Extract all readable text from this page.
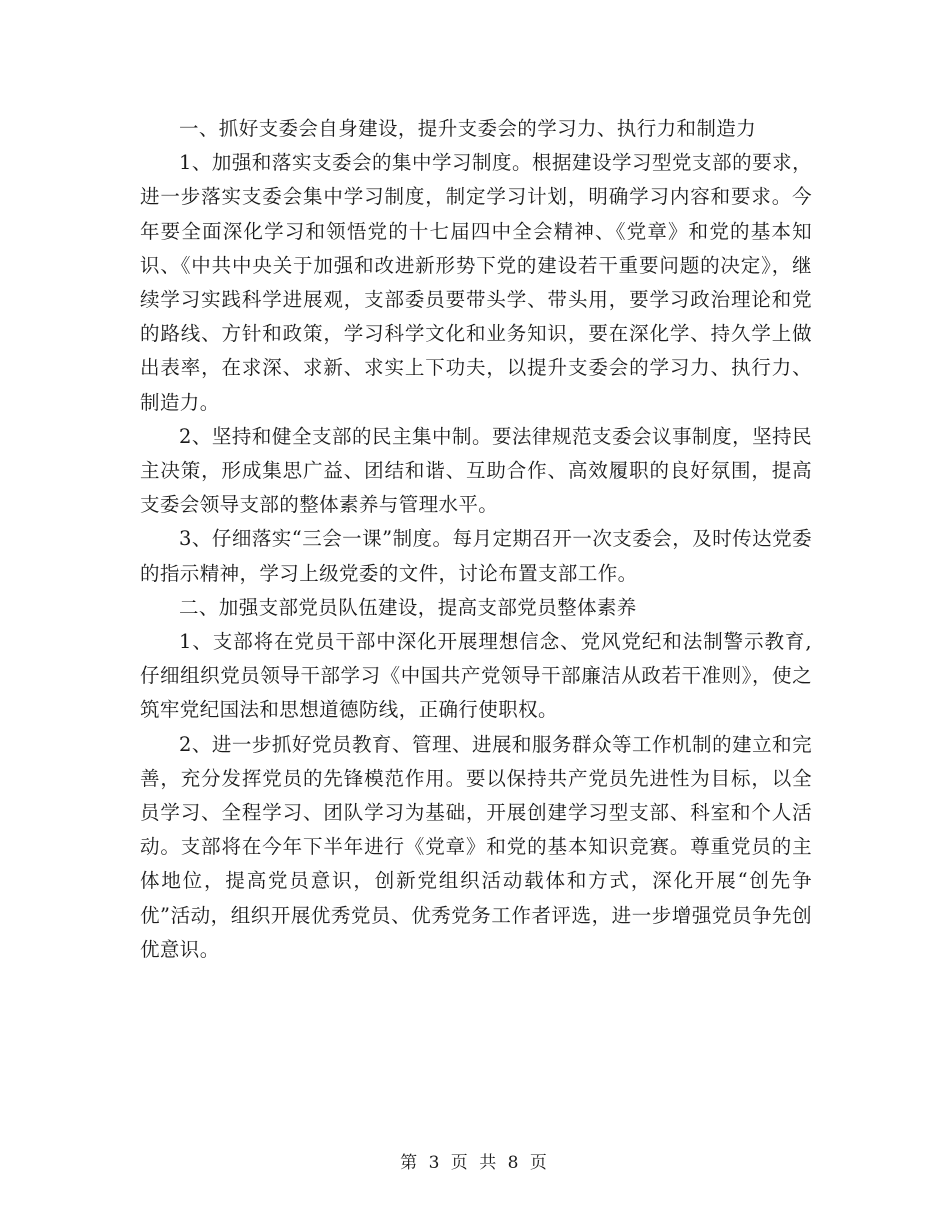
一、抓好支委会自身建设，提升支委会的学习力、执行力和制造力

1、加强和落实支委会的集中学习制度。根据建设学习型党支部的要求，进一步落实支委会集中学习制度，制定学习计划，明确学习内容和要求。今年要全面深化学习和领悟党的十七届四中全会精神、《党章》和党的基本知识、《中共中央关于加强和改进新形势下党的建设若干重要问题的决定》，继续学习实践科学进展观，支部委员要带头学、带头用，要学习政治理论和党的路线、方针和政策，学习科学文化和业务知识，要在深化学、持久学上做出表率，在求深、求新、求实上下功夫，以提升支委会的学习力、执行力、制造力。

2、坚持和健全支部的民主集中制。要法律规范支委会议事制度，坚持民主决策，形成集思广益、团结和谐、互助合作、高效履职的良好氛围，提高支委会领导支部的整体素养与管理水平。

3、仔细落实“三会一课”制度。每月定期召开一次支委会，及时传达党委的指示精神，学习上级党委的文件，讨论布置支部工作。

二、加强支部党员队伍建设，提高支部党员整体素养

1、支部将在党员干部中深化开展理想信念、党风党纪和法制警示教育,仔细组织党员领导干部学习《中国共产党领导干部廉洁从政若干准则》，使之筑牢党纪国法和思想道德防线，正确行使职权。

2、进一步抓好党员教育、管理、进展和服务群众等工作机制的建立和完善，充分发挥党员的先锋模范作用。要以保持共产党员先进性为目标，以全员学习、全程学习、团队学习为基础，开展创建学习型支部、科室和个人活动。支部将在今年下半年进行《党章》和党的基本知识竞赛。尊重党员的主体地位，提高党员意识，创新党组织活动载体和方式，深化开展“创先争优”活动，组织开展优秀党员、优秀党务工作者评选，进一步增强党员争先创优意识。

第 3 页 共 8 页
